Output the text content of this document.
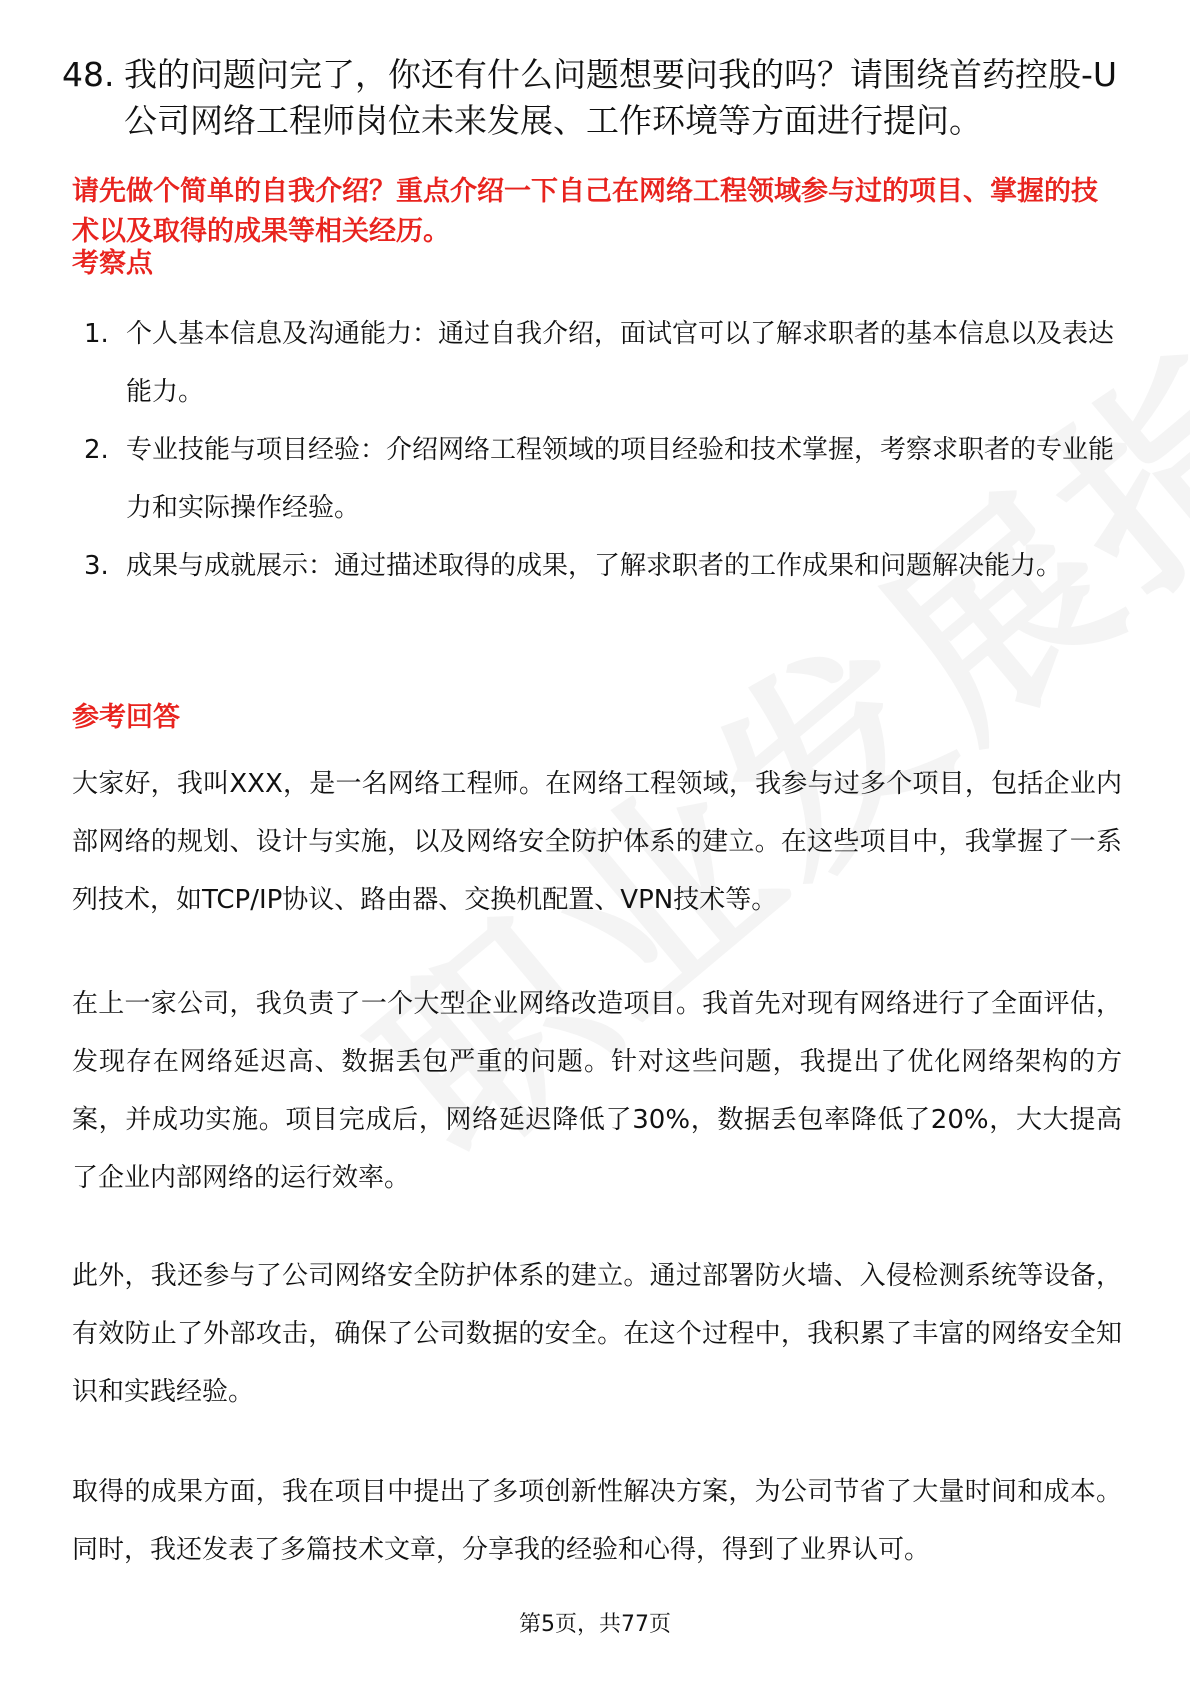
48. 我的问题问完了，你还有什么问题想要问我的吗？请围绕首药控股-U公司网络工程师岗位未来发展、工作环境等方面进行提问。
请先做个简单的自我介绍？重点介绍一下自己在网络工程领域参与过的项目、掌握的技术以及取得的成果等相关经历。
考察点
1. 个人基本信息及沟通能力：通过自我介绍，面试官可以了解求职者的基本信息以及表达能力。
2. 专业技能与项目经验：介绍网络工程领域的项目经验和技术掌握，考察求职者的专业能力和实际操作经验。
3. 成果与成就展示：通过描述取得的成果，了解求职者的工作成果和问题解决能力。
参考回答
大家好，我叫XXX，是一名网络工程师。在网络工程领域，我参与过多个项目，包括企业内部网络的规划、设计与实施，以及网络安全防护体系的建立。在这些项目中，我掌握了一系列技术，如TCP/IP协议、路由器、交换机配置、VPN技术等。
在上一家公司，我负责了一个大型企业网络改造项目。我首先对现有网络进行了全面评估，发现存在网络延迟高、数据丢包严重的问题。针对这些问题，我提出了优化网络架构的方案，并成功实施。项目完成后，网络延迟降低了30%，数据丢包率降低了20%，大大提高了企业内部网络的运行效率。
此外，我还参与了公司网络安全防护体系的建立。通过部署防火墙、入侵检测系统等设备，有效防止了外部攻击，确保了公司数据的安全。在这个过程中，我积累了丰富的网络安全知识和实践经验。
取得的成果方面，我在项目中提出了多项创新性解决方案，为公司节省了大量时间和成本。同时，我还发表了多篇技术文章，分享我的经验和心得，得到了业界认可。
第5页，共77页
